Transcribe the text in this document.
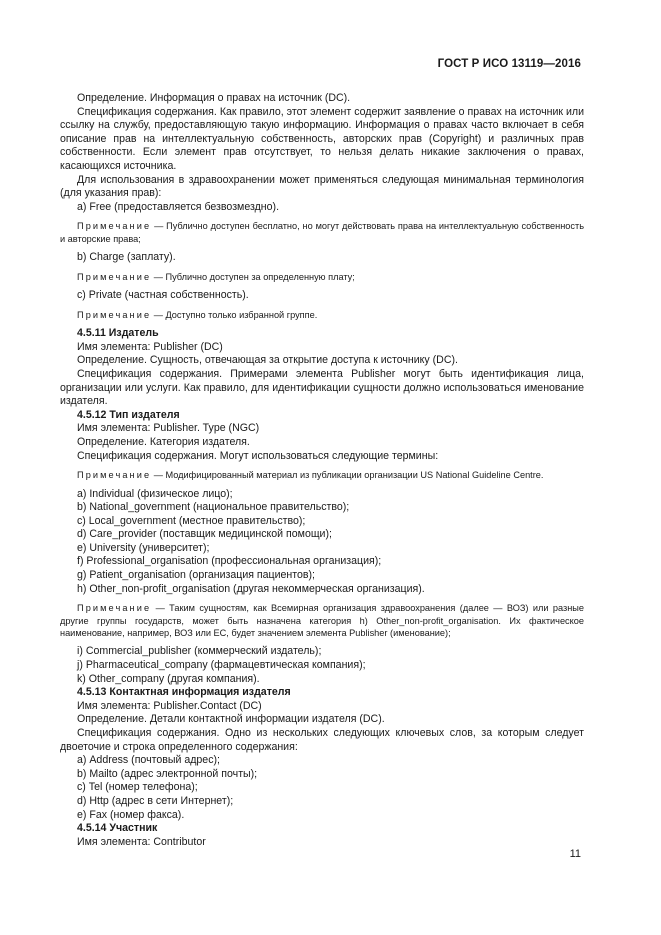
ГОСТ Р ИСО 13119—2016
Определение. Информация о правах на источник (DC).
Спецификация содержания. Как правило, этот элемент содержит заявление о правах на источник или ссылку на службу, предоставляющую такую информацию. Информация о правах часто включает в себя описание прав на интеллектуальную собственность, авторских прав (Copyright) и различных прав собственности. Если элемент прав отсутствует, то нельзя делать никакие заключения о правах, касающихся источника.
Для использования в здравоохранении может применяться следующая минимальная терминология (для указания прав):
а) Free (предоставляется безвозмездно).
Примечание — Публично доступен бесплатно, но могут действовать права на интеллектуальную собственность и авторские права;
b) Charge (заплату).
Примечание — Публично доступен за определенную плату;
с) Private (частная собственность).
Примечание — Доступно только избранной группе.
4.5.11 Издатель
Имя элемента: Publisher (DC)
Определение. Сущность, отвечающая за открытие доступа к источнику (DC).
Спецификация содержания. Примерами элемента Publisher могут быть идентификация лица, организации или услуги. Как правило, для идентификации сущности должно использоваться именование издателя.
4.5.12 Тип издателя
Имя элемента: Publisher. Type (NGC)
Определение. Категория издателя.
Спецификация содержания. Могут использоваться следующие термины:
Примечание — Модифицированный материал из публикации организации US National Guideline Centre.
а) Individual (физическое лицо);
b) National_government (национальное правительство);
с) Local_government (местное правительство);
d) Care_provider (поставщик медицинской помощи);
е) University (университет);
f) Professional_organisation (профессиональная организация);
g) Patient_organisation (организация пациентов);
h) Other_non-profit_organisation (другая некоммерческая организация).
Примечание — Таким сущностям, как Всемирная организация здравоохранения (далее — ВОЗ) или разные другие группы государств, может быть назначена категория h) Other_non-profit_organisation. Их фактическое наименование, например, ВОЗ или ЕС, будет значением элемента Publisher (именование);
i) Commercial_publisher (коммерческий издатель);
j) Pharmaceutical_company (фармацевтическая компания);
k) Other_company (другая компания).
4.5.13 Контактная информация издателя
Имя элемента: Publisher.Contact (DC)
Определение. Детали контактной информации издателя (DC).
Спецификация содержания. Одно из нескольких следующих ключевых слов, за которым следует двоеточие и строка определенного содержания:
а) Address (почтовый адрес);
b) Mailto (адрес электронной почты);
с) Tel (номер телефона);
d) Http (адрес в сети Интернет);
е) Fax (номер факса).
4.5.14 Участник
Имя элемента: Contributor
11
